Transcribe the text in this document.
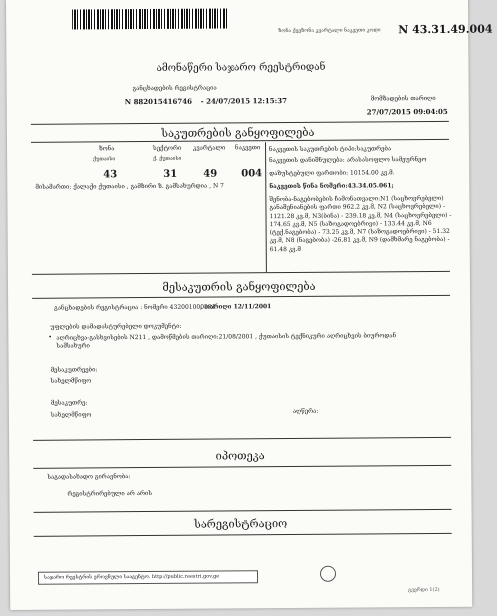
ზონა ქვეზონა კვარტალი ნაკვეთი კოდი N 43.31.49.004
ამონაწერი საჯარო რეესტრიდან
განცხადების რეგისტრაცია
N 882015416746 - 24/07/2015 12:15:37	მომზადების თარიღი
27/07/2015 09:04:05
საკუთრების განყოფილება
ზონა	სექტორი კვარტალი ნაკვეთი
ქუთაისი	ქ. ქუთაისი
43	31	49 004
მისამართი: ქალაქი ქუთაისი , გამზირი ზ. გამსახურდია , N 7
ნაკვეთის საკუთრების ტიპი:საკუთრება
ნაკვეთის დანიშნულება: არასასოფლო სამეურნეო
დაზუსტებული ფართობი: 10154.00 კვ.მ.
ნაკვეთის წინა ნომერი:43.34.05.061;
შენობა-ნაგებობების ჩამონათვალი:N1 (საცხოვრებელი) განაშენიანების ფართი 962.2 კვ.მ, N2 (საცხოვრებელი) - 1121.28 კვ.მ, N3(ბინა) - 239.18 კვ.მ, N4 (საცხოვრებელი) - 174.65 კვ.მ, N5 (საზოგადოებრივი) - 133.44 კვ.მ, N6 (ტექ.ნაგებობა) - 73.25 კვ.მ, N7 (საზოგადოებრივი) - 51.32 კვ.მ, N8 (ნაგებობა) -26.81 კვ.მ, N9 (დამხმარე ნაგებობა) - 61.48 კვ.მ
მესაკუთრის განყოფილება
განცხადების რეგისტრაცია : ნომერი 432001000581
, თარიღი 12/11/2001
უფლების დამადასტურებელი დოკუმენტი:
• აღრიცხვა-გასხვისების N211 , დამოწმების თარიღი:21/08/2001 , ქუთაისის ტექნიკური აღრიცხვის ბიუროდან სამსახური
მესაკუთრეები:
სახელმწიფო
მესაკუთრე:
სახელმწიფო	აღწერა:
იპოთეკა
საგადასახადო გირავნობა:
რეგისტრირებული არ არის
სარეგისტრაციო
საჯარო რეესტრის ეროვნული სააგენტო. http://public.reestri.gov.ge
გვერდი 1(2)
